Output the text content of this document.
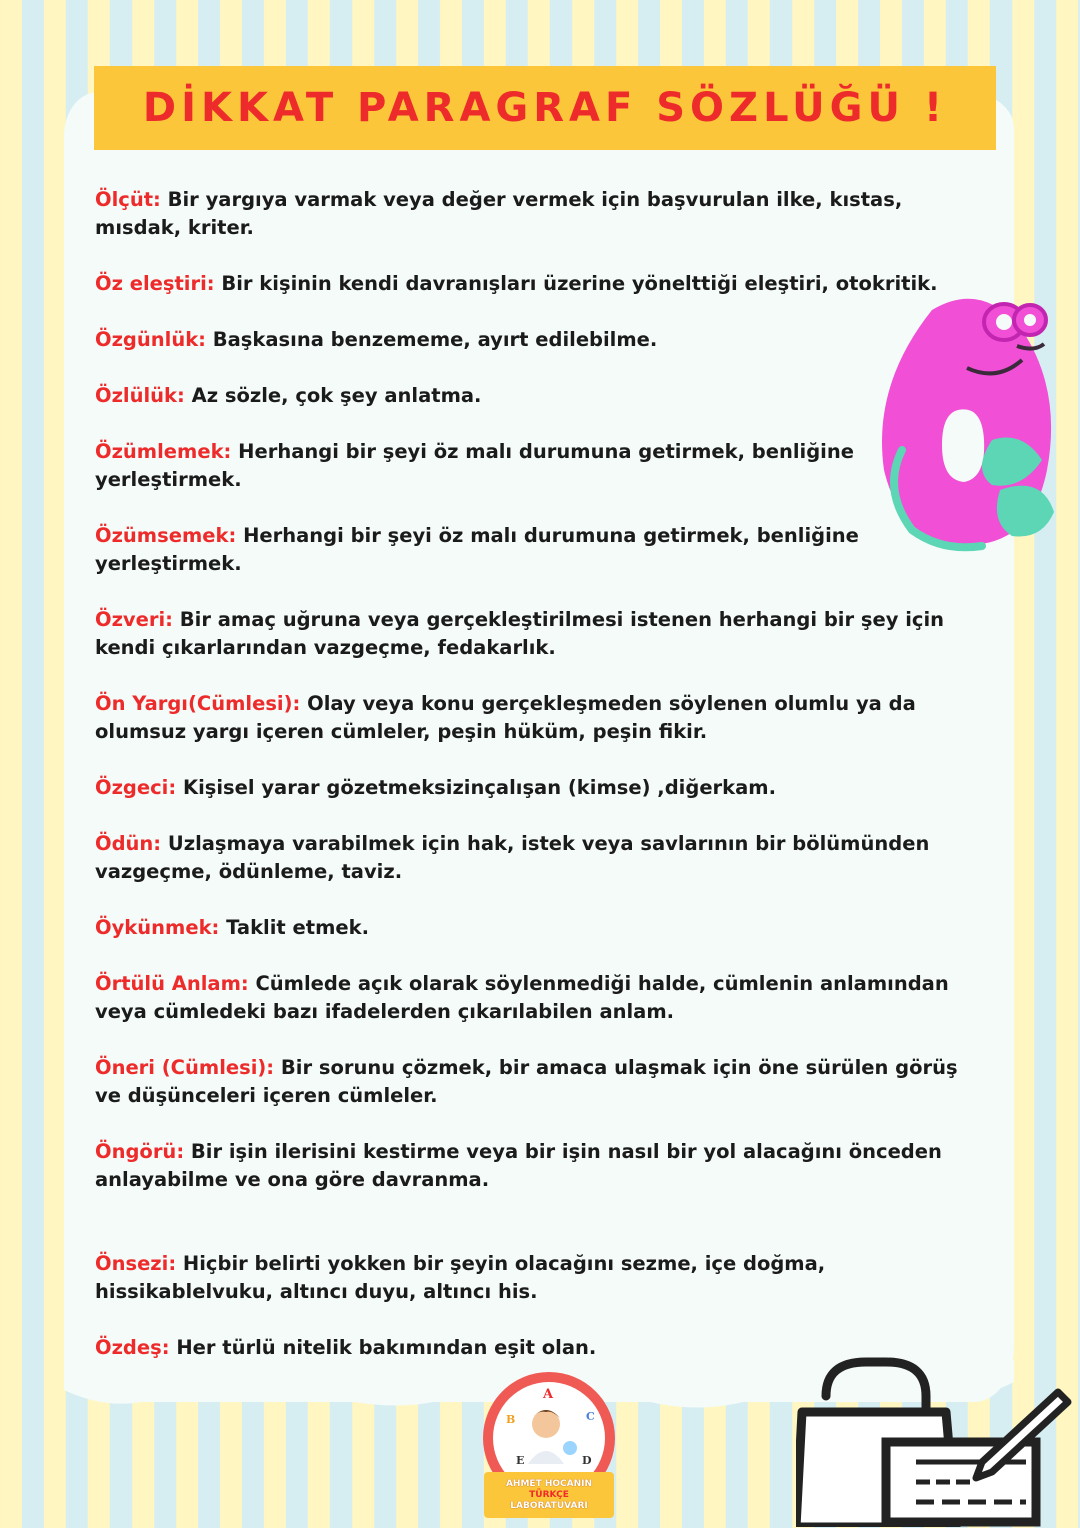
DİKKAT PARAGRAF SÖZLÜĞÜ !

Ölçüt: Bir yargıya varmak veya değer vermek için başvurulan ilke, kıstas, mısdak, kriter.

Öz eleştiri: Bir kişinin kendi davranışları üzerine yönelttiği eleştiri, otokritik.

Özgünlük: Başkasına benzememe, ayırt edilebilme.

Özlülük: Az sözle, çok şey anlatma.

Özümlemek: Herhangi bir şeyi öz malı durumuna getirmek, benliğine yerleştirmek.

Özümsemek: Herhangi bir şeyi öz malı durumuna getirmek, benliğine yerleştirmek.

Özveri: Bir amaç uğruna veya gerçekleştirilmesi istenen herhangi bir şey için kendi çıkarlarından vazgeçme, fedakarlık.

Ön Yargı(Cümlesi): Olay veya konu gerçekleşmeden söylenen olumlu ya da olumsuz yargı içeren cümleler, peşin hüküm, peşin fikir.

Özgeci: Kişisel yarar gözetmeksizinçalışan (kimse) ,diğerkam.

Ödün: Uzlaşmaya varabilmek için hak, istek veya savlarının bir bölümünden vazgeçme, ödünleme, taviz.

Öykünmek: Taklit etmek.

Örtülü Anlam: Cümlede açık olarak söylenmediği halde, cümlenin anlamından veya cümledeki bazı ifadelerden çıkarılabilen anlam.

Öneri (Cümlesi): Bir sorunu çözmek, bir amaca ulaşmak için öne sürülen görüş ve düşünceleri içeren cümleler.

Öngörü: Bir işin ilerisini kestirme veya bir işin nasıl bir yol alacağını önceden anlayabilme ve ona göre davranma.

Önsezi: Hiçbir belirti yokken bir şeyin olacağını sezme, içe doğma, hissikablelvuku, altıncı duyu, altıncı his.

Özdeş: Her türlü nitelik bakımından eşit olan.

A
B	C
E	D
AHMET HOCANIN
TÜRKÇE
LABORATUVARI
